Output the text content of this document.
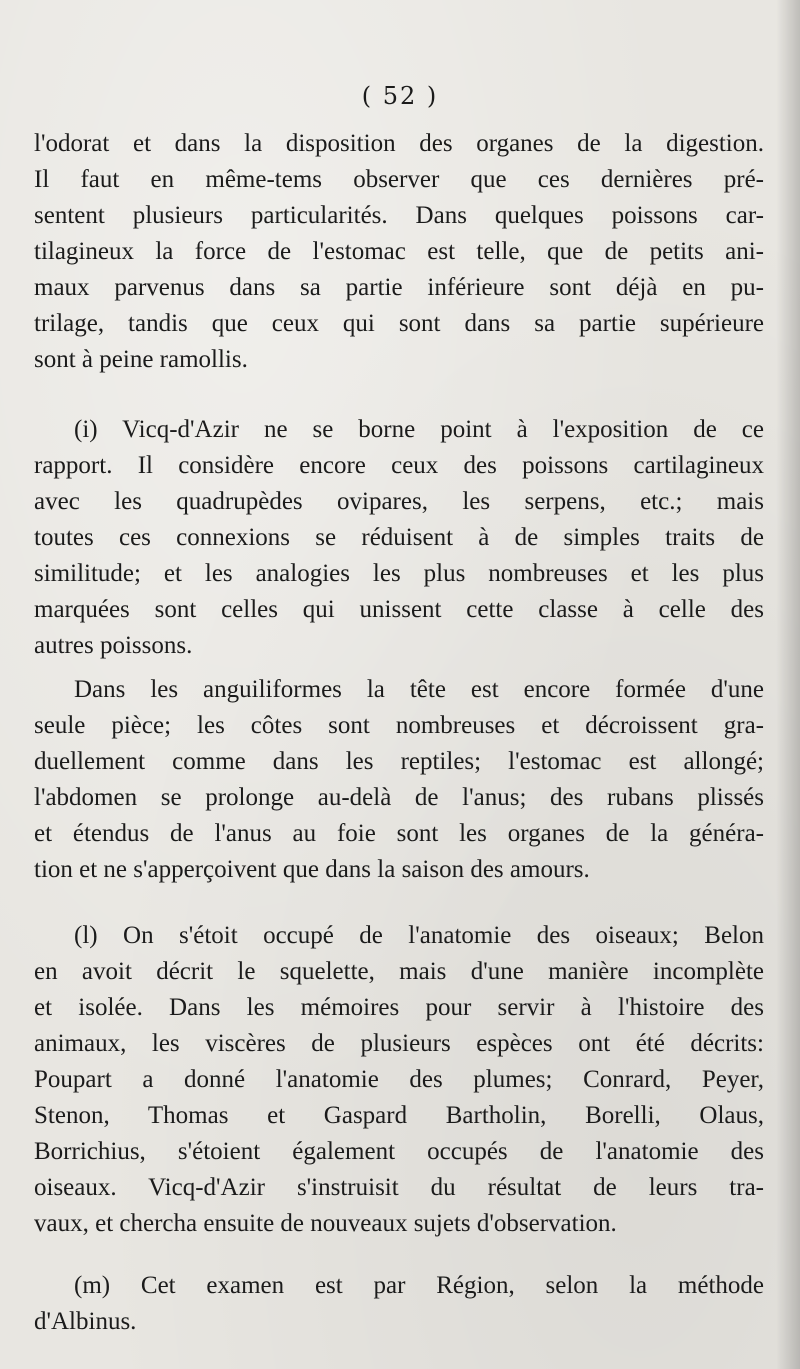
( 52 )
l'odorat et dans la disposition des organes de la digestion.
Il faut en même-tems observer que ces dernières pré-
sentent plusieurs particularités. Dans quelques poissons car-
tilagineux la force de l'estomac est telle, que de petits ani-
maux parvenus dans sa partie inférieure sont déjà en pu-
trilage, tandis que ceux qui sont dans sa partie supérieure
sont à peine ramollis.
(i) Vicq-d'Azir ne se borne point à l'exposition de ce
rapport. Il considère encore ceux des poissons cartilagineux
avec les quadrupèdes ovipares, les serpens, etc.; mais
toutes ces connexions se réduisent à de simples traits de
similitude; et les analogies les plus nombreuses et les plus
marquées sont celles qui unissent cette classe à celle des
autres poissons.
Dans les anguiliformes la tête est encore formée d'une
seule pièce; les côtes sont nombreuses et décroissent gra-
duellement comme dans les reptiles; l'estomac est allongé;
l'abdomen se prolonge au-delà de l'anus; des rubans plissés
et étendus de l'anus au foie sont les organes de la généra-
tion et ne s'apperçoivent que dans la saison des amours.
(l) On s'étoit occupé de l'anatomie des oiseaux; Belon
en avoit décrit le squelette, mais d'une manière incomplète
et isolée. Dans les mémoires pour servir à l'histoire des
animaux, les viscères de plusieurs espèces ont été décrits:
Poupart a donné l'anatomie des plumes; Conrard, Peyer,
Stenon, Thomas et Gaspard Bartholin, Borelli, Olaus,
Borrichius, s'étoient également occupés de l'anatomie des
oiseaux. Vicq-d'Azir s'instruisit du résultat de leurs tra-
vaux, et chercha ensuite de nouveaux sujets d'observation.
(m) Cet examen est par Région, selon la méthode
d'Albinus.
